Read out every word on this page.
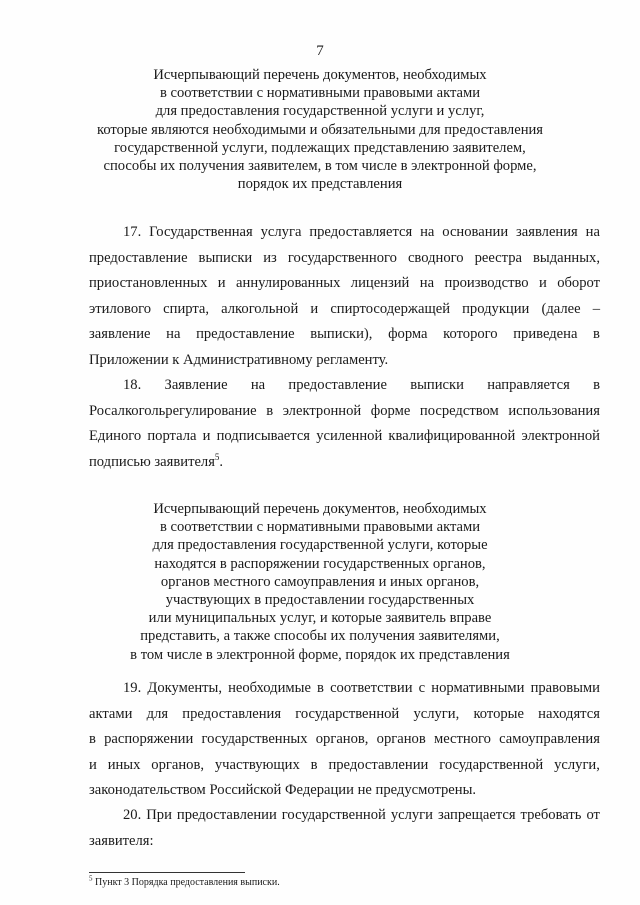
7
Исчерпывающий перечень документов, необходимых
в соответствии с нормативными правовыми актами
для предоставления государственной услуги и услуг,
которые являются необходимыми и обязательными для предоставления
государственной услуги, подлежащих представлению заявителем,
способы их получения заявителем, в том числе в электронной форме,
порядок их представления
17. Государственная услуга предоставляется на основании заявления на
предоставление выписки из государственного сводного реестра выданных,
приостановленных и аннулированных лицензий на производство и оборот
этилового спирта, алкогольной и спиртосодержащей продукции (далее –
заявление на предоставление выписки), форма которого приведена в
Приложении к Административному регламенту.
18. Заявление на предоставление выписки направляется в
Росалкогольрегулирование в электронной форме посредством использования
Единого портала и подписывается усиленной квалифицированной электронной
подписью заявителя$^5$.
Исчерпывающий перечень документов, необходимых
в соответствии с нормативными правовыми актами
для предоставления государственной услуги, которые
находятся в распоряжении государственных органов,
органов местного самоуправления и иных органов,
участвующих в предоставлении государственных
или муниципальных услуг, и которые заявитель вправе
представить, а также способы их получения заявителями,
в том числе в электронной форме, порядок их представления
19. Документы, необходимые в соответствии с нормативными правовыми
актами для предоставления государственной услуги, которые находятся
в распоряжении государственных органов, органов местного самоуправления
и иных органов, участвующих в предоставлении государственной услуги,
законодательством Российской Федерации не предусмотрены.
20. При предоставлении государственной услуги запрещается требовать от
заявителя:
$^5$ Пункт 3 Порядка предоставления выписки.
